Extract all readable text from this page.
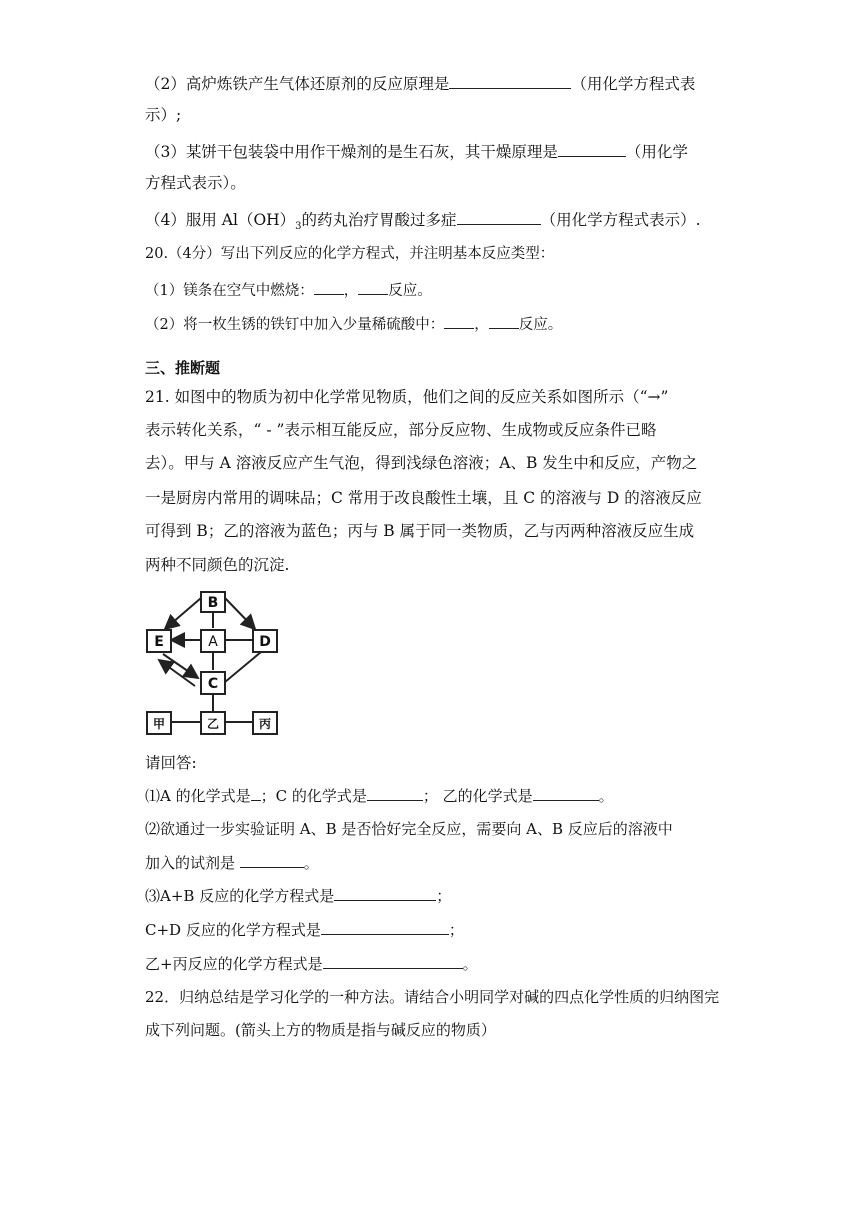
（2）高炉炼铁产生气体还原剂的反应原理是	（用化学方程式表
示）;
（3）某饼干包装袋中用作干燥剂的是生石灰，其干燥原理是	（用化学
方程式表示）。
（4）服用 $Al(OH)_3$的药丸治疗胃酸过多症	（用化学方程式表示）.
20.（4分）写出下列反应的化学方程式，并注明基本反应类型：
（1）镁条在空气中燃烧： ， 反应。
（2）将一枚生锈的铁钉中加入少量稀硫酸中： ， 反应。
三、推断题
21. 如图中的物质为初中化学常见物质，他们之间的反应关系如图所示（“→”
表示转化关系，“ - ”表示相互能反应，部分反应物、生成物或反应条件已略
去）。甲与 A 溶液反应产生气泡，得到浅绿色溶液；A、B 发生中和反应，产物之
一是厨房内常用的调味品；C 常用于改良酸性土壤，且 C 的溶液与 D 的溶液反应
可得到 B；乙的溶液为蓝色；丙与 B 属于同一类物质，乙与丙两种溶液反应生成
两种不同颜色的沉淀.
B
A
E	D
C
甲	乙	丙
请回答:
⑴A 的化学式是 ；C 的化学式是	； 乙的化学式是	。
⑵欲通过一步实验证明 A、B 是否恰好完全反应，需要向 A、B 反应后的溶液中
加入的试剂是	。
⑶A+B 反应的化学方程式是	；
C+D 反应的化学方程式是	；
乙+丙反应的化学方程式是	。
22．归纳总结是学习化学的一种方法。请结合小明同学对碱的四点化学性质的归纳图完
成下列问题。(箭头上方的物质是指与碱反应的物质）
